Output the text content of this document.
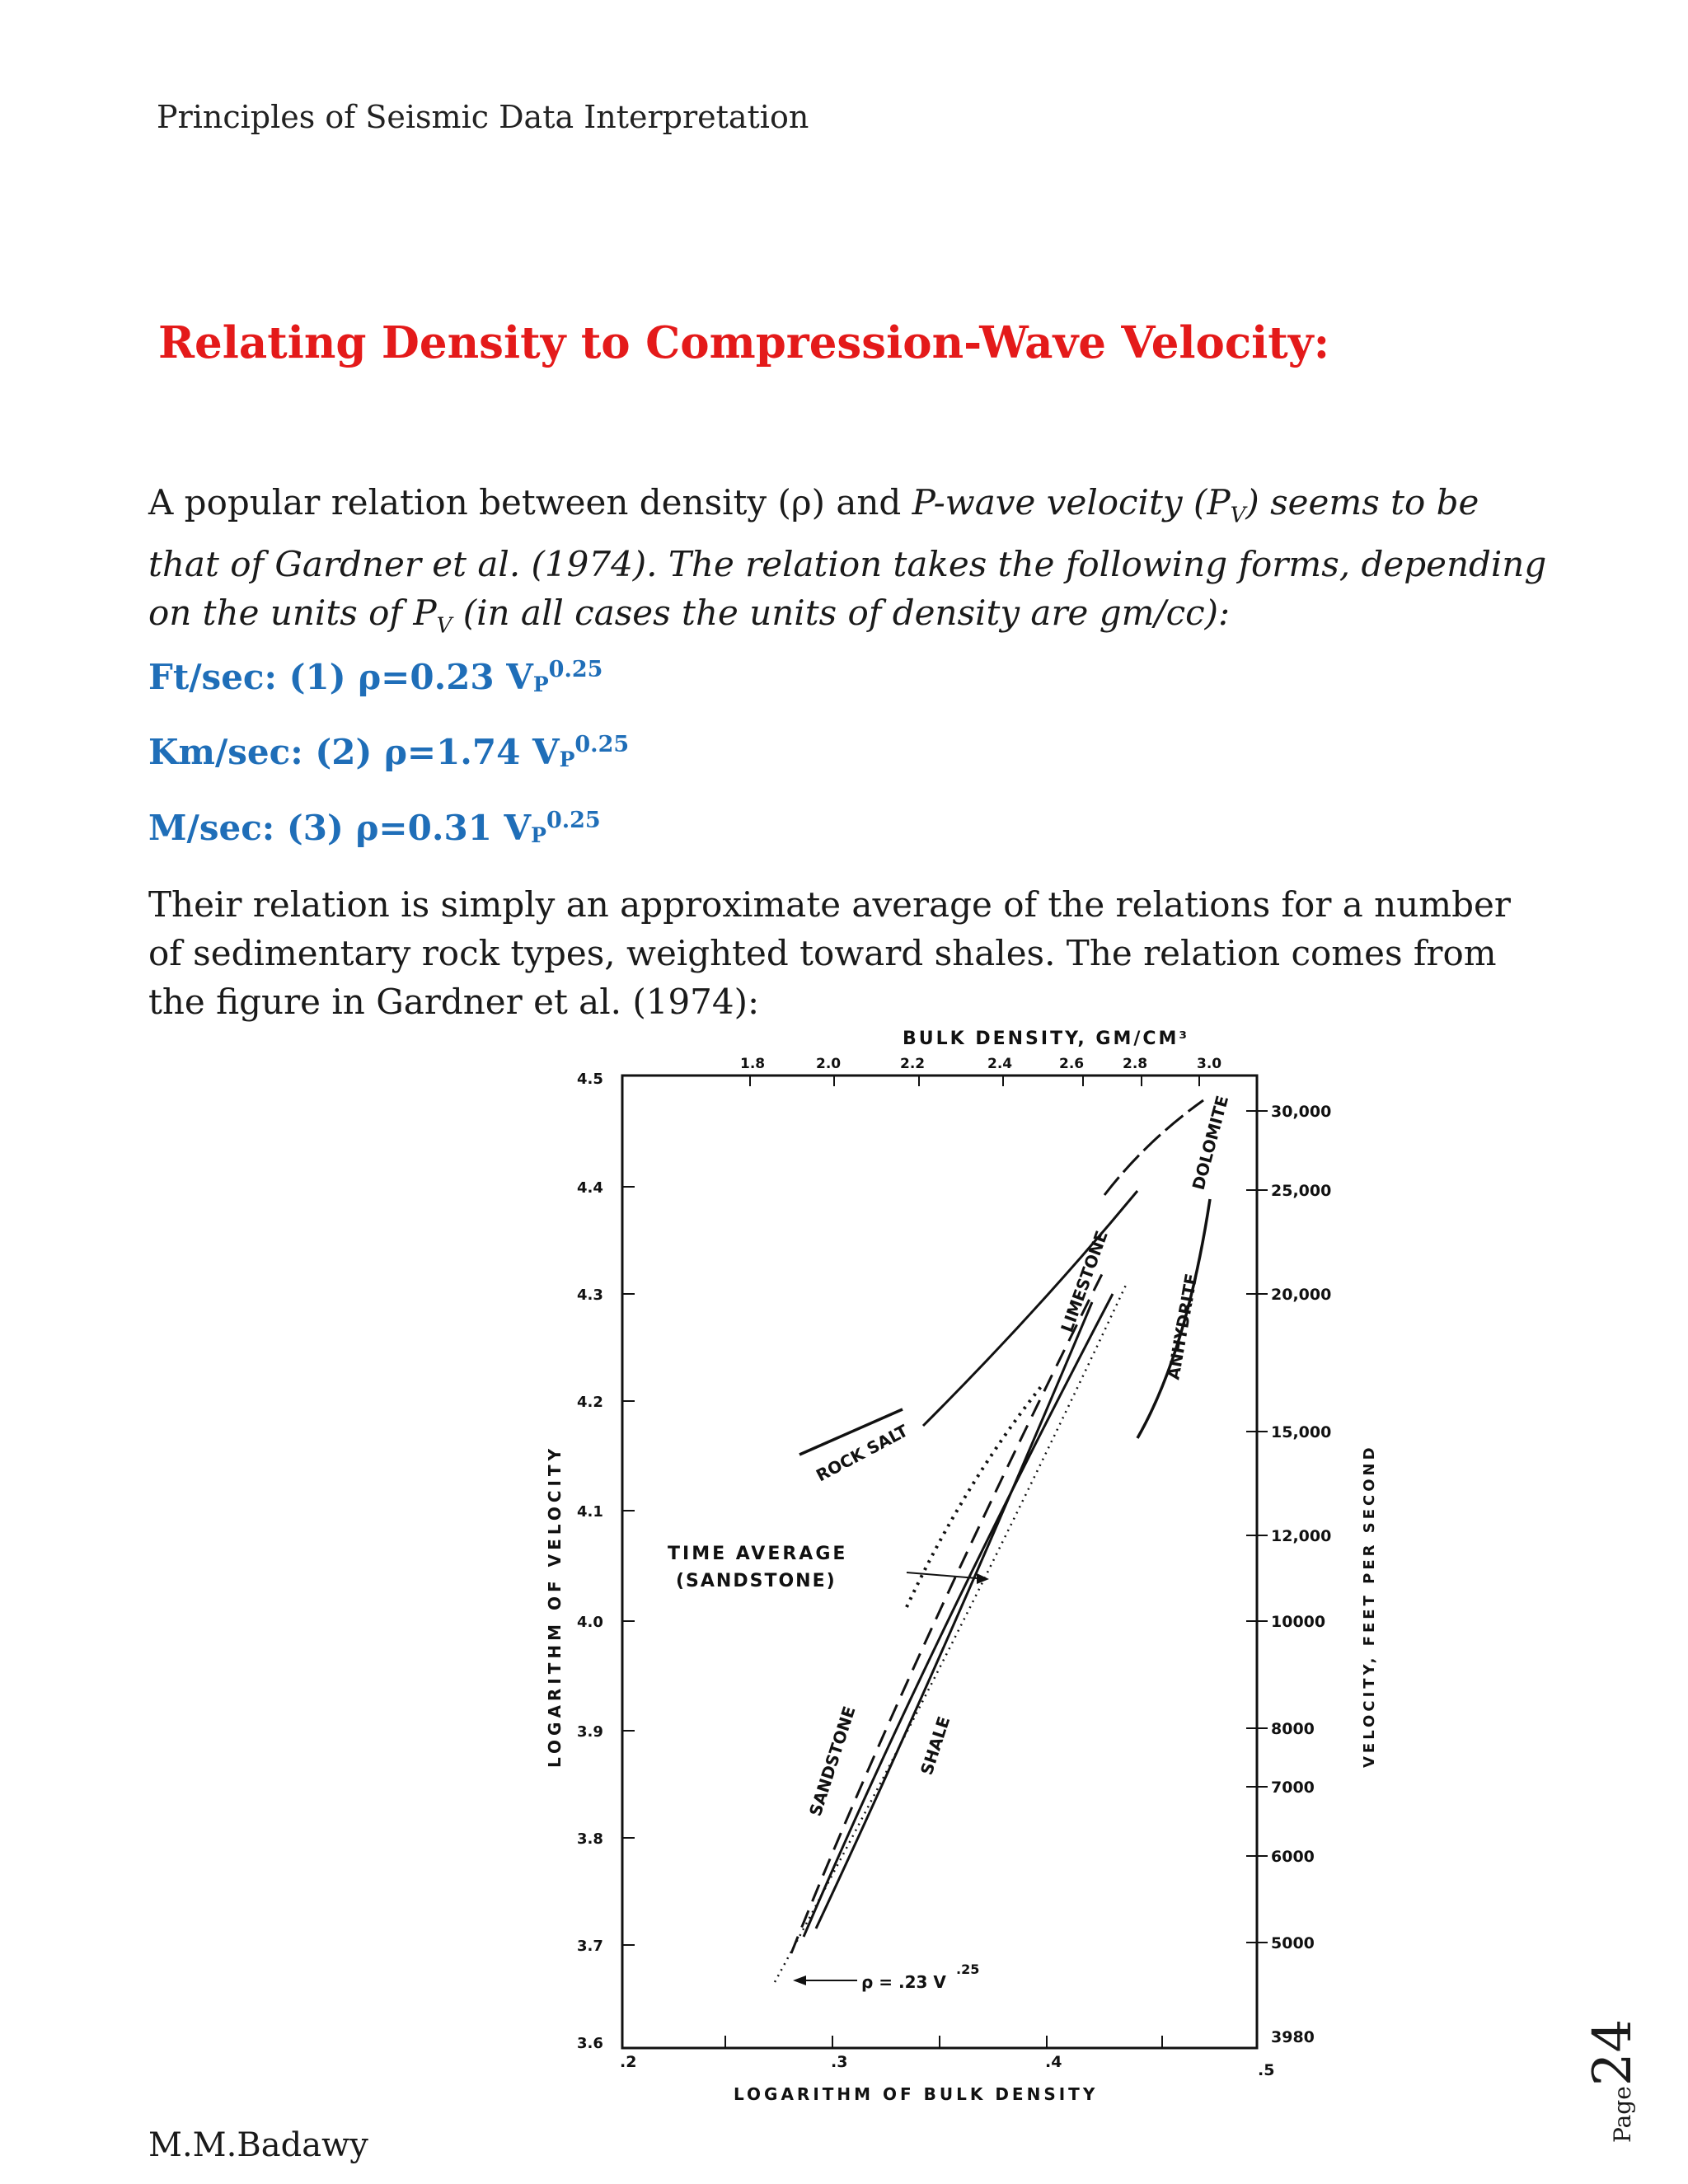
Principles of Seismic Data Interpretation
Relating Density to Compression-Wave Velocity:
A popular relation between density (ρ) and P-wave velocity $(P_V)$ seems to be that of Gardner et al. (1974). The relation takes the following forms, depending on the units of $P_V$ (in all cases the units of density are gm/cc):
Ft/sec: (1) ρ=0.23 $V_P^{0.25}$
Km/sec: (2) ρ=1.74 $V_P^{0.25}$
M/sec: (3) ρ=0.31 $V_P^{0.25}$
Their relation is simply an approximate average of the relations for a number of sedimentary rock types, weighted toward shales. The relation comes from the figure in Gardner et al. (1974):
BULK DENSITY, GM/CM³
1.8	2.0	2.2	2.4	2.6	2.8	3.0
4.5
4.4
4.3
4.2
4.1
4.0
3.9
3.8
3.7
3.6
LOGARITHM OF VELOCITY
30,000
25,000
20,000
15,000
12,000
10000
8000
7000
6000
5000
3980
VELOCITY, FEET PER SECOND
.2	.3	.4	.5
LOGARITHM OF BULK DENSITY
DOLOMITE
LIMESTONE	ANHYDRITE
ROCK SALT
TIME AVERAGE
(SANDSTONE)
SANDSTONE	SHALE
ρ = .23 V
.25
M.M.Badawy
Page24
